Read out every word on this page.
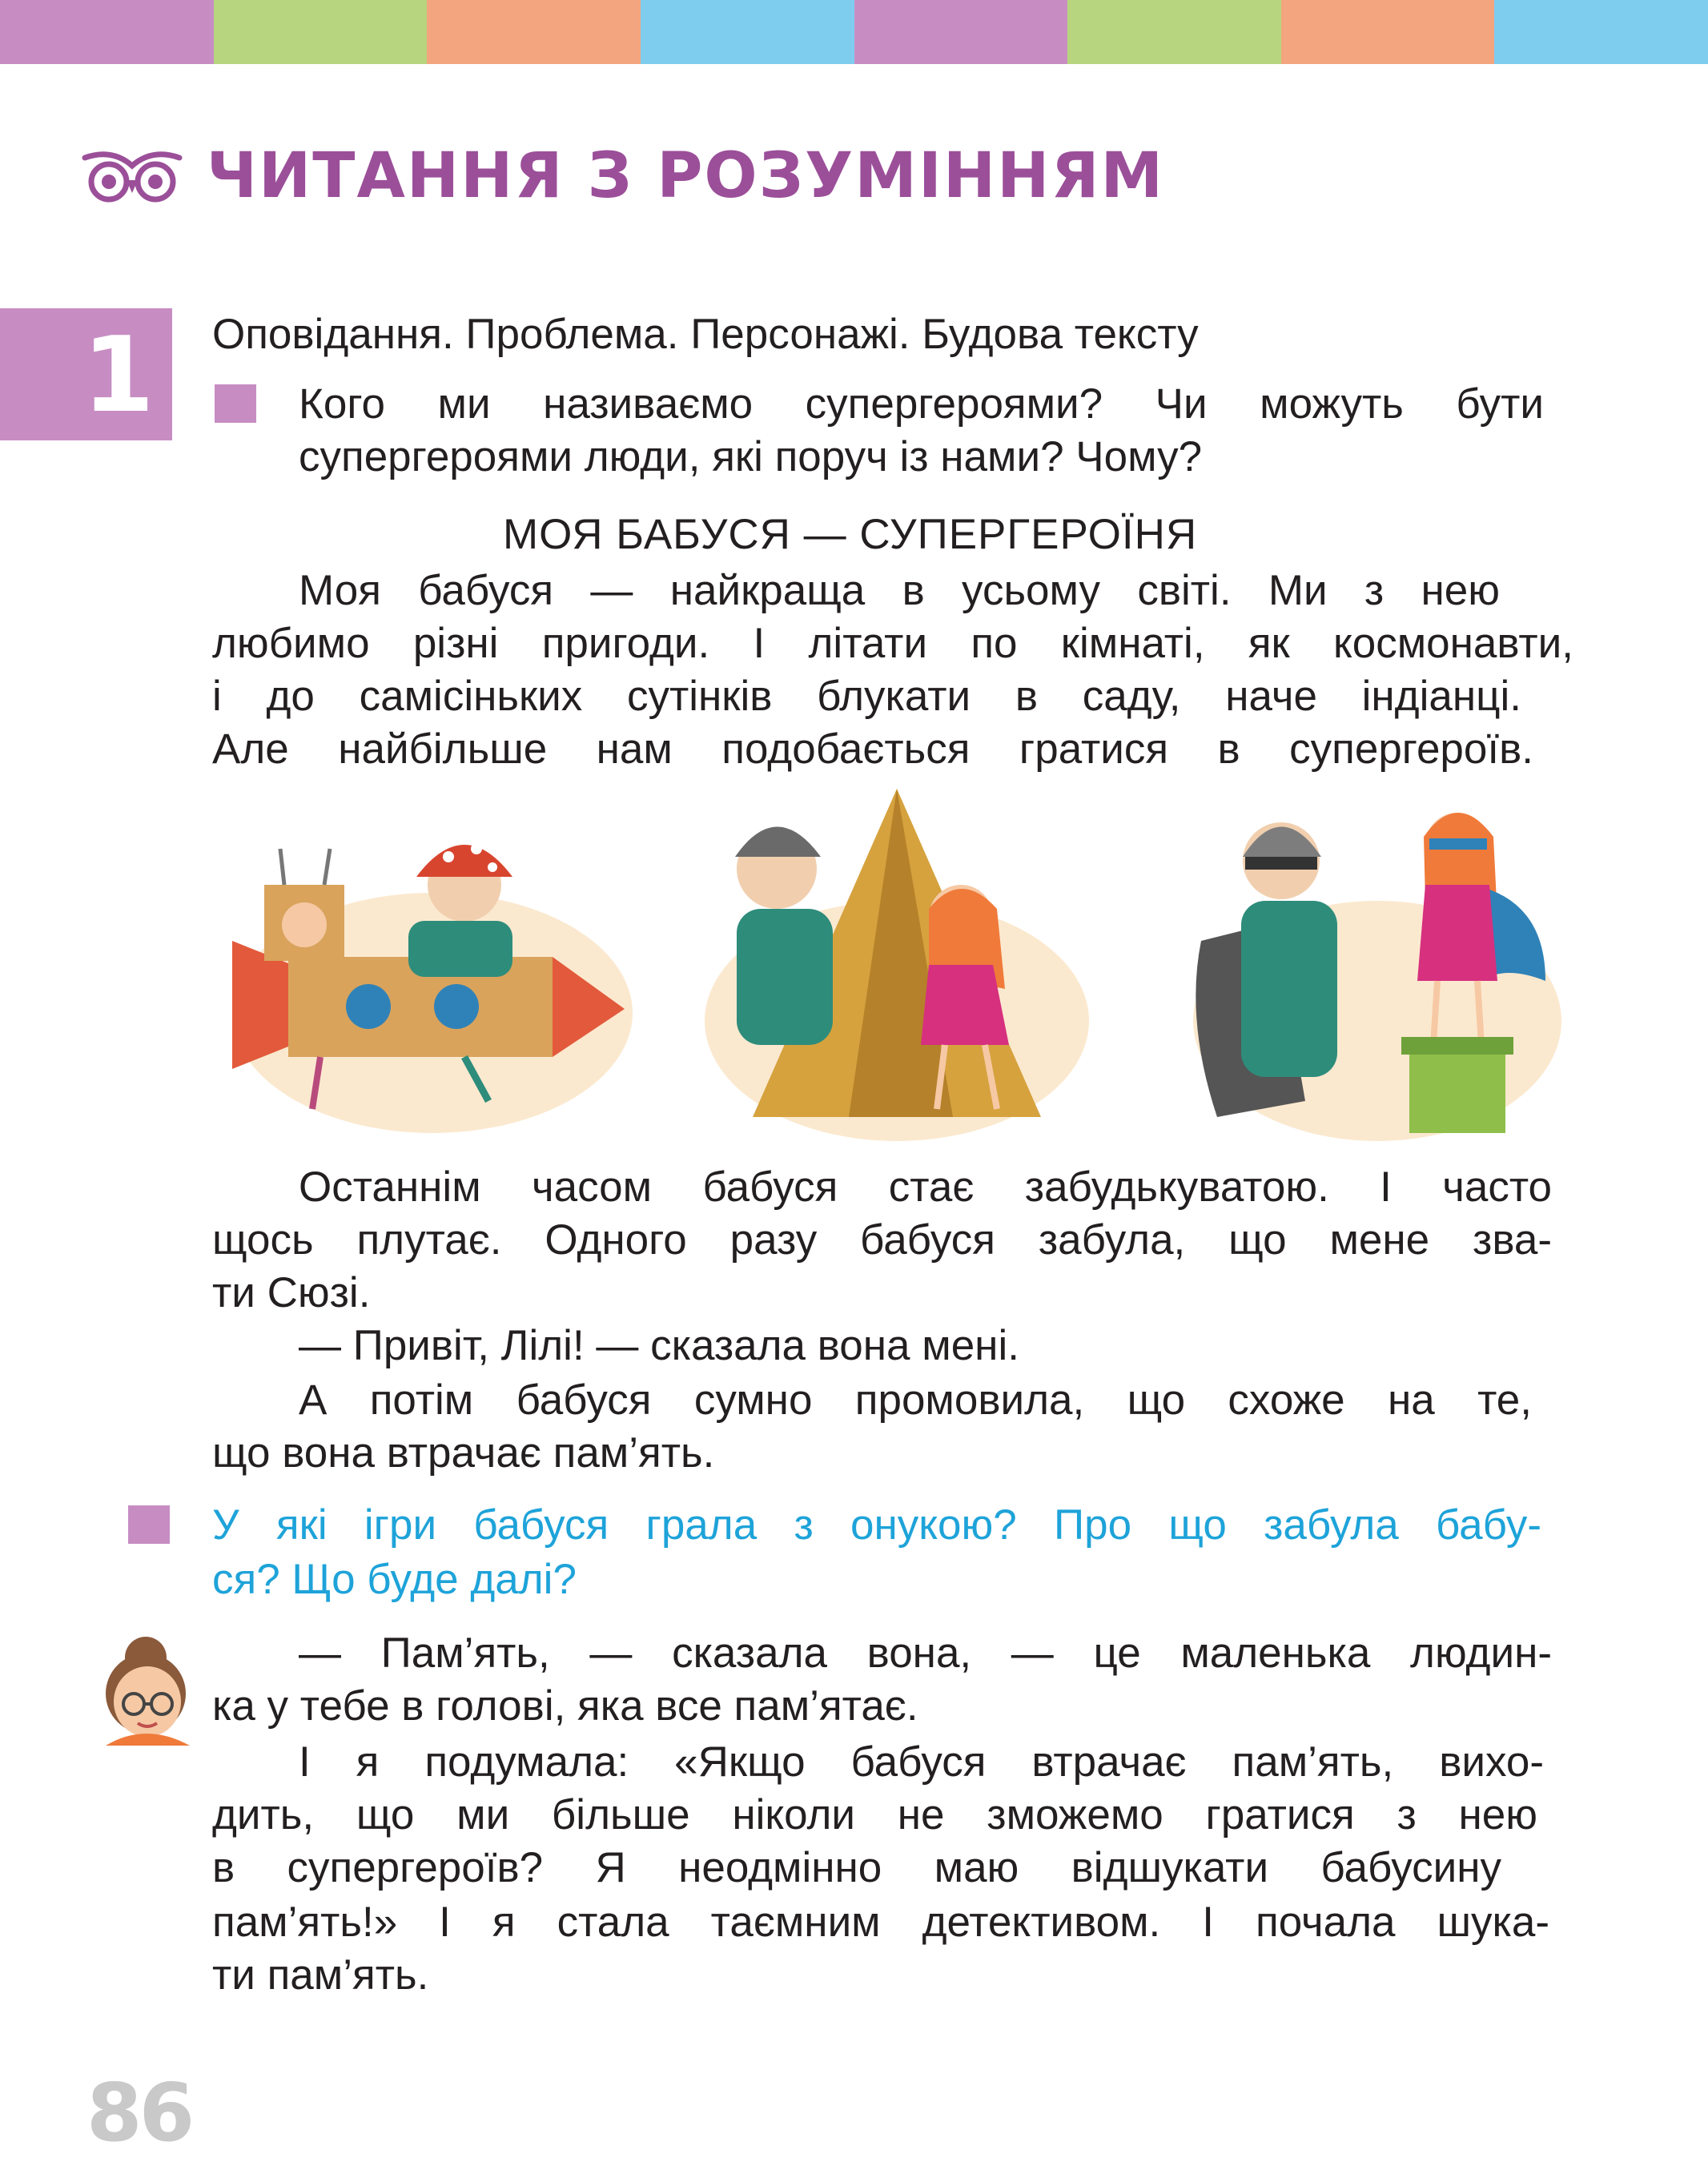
ЧИТАННЯ З РОЗУМІННЯМ
1 Оповідання. Проблема. Персонажі. Будова тексту
Кого ми називаємо супергероями? Чи можуть бути
супергероями люди, які поруч із нами? Чому?
МОЯ БАБУСЯ — СУПЕРГЕРОЇНЯ
Моя бабуся — найкраща в усьому світі. Ми з нею
любимо різні пригоди. І літати по кімнаті, як космонавти,
і до самісіньких сутінків блукати в саду, наче індіанці.
Але найбільше нам подобається гратися в супергероїв.
Останнім часом бабуся стає забудькуватою. І часто
щось плутає. Одного разу бабуся забула, що мене зва-
ти Сюзі.
— Привіт, Лілі! — сказала вона мені.
А потім бабуся сумно промовила, що схоже на те,
що вона втрачає пам’ять.
У які ігри бабуся грала з онукою? Про що забула бабу-
ся? Що буде далі?
— Пам’ять, — сказала вона, — це маленька людин-
ка у тебе в голові, яка все пам’ятає.
І я подумала: «Якщо бабуся втрачає пам’ять, вихо-
дить, що ми більше ніколи не зможемо гратися з нею
в супергероїв? Я неодмінно маю відшукати бабусину
пам’ять!» І я стала таємним детективом. І почала шука-
ти пам’ять.
86
